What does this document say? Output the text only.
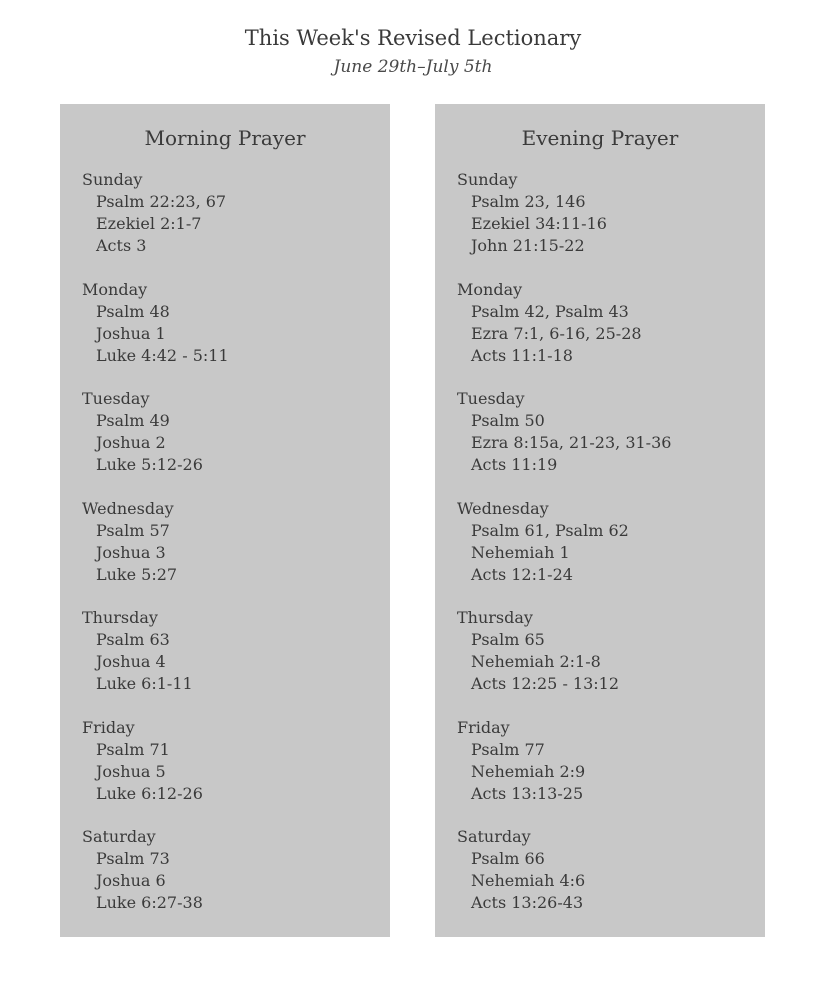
This Week's Revised Lectionary
June 29th–July 5th
Morning Prayer
Sunday
Psalm 22:23, 67
Ezekiel 2:1-7
Acts 3
Monday
Psalm 48
Joshua 1
Luke 4:42 - 5:11
Tuesday
Psalm 49
Joshua 2
Luke 5:12-26
Wednesday
Psalm 57
Joshua 3
Luke 5:27
Thursday
Psalm 63
Joshua 4
Luke 6:1-11
Friday
Psalm 71
Joshua 5
Luke 6:12-26
Saturday
Psalm 73
Joshua 6
Luke 6:27-38
Evening Prayer
Sunday
Psalm 23, 146
Ezekiel 34:11-16
John 21:15-22
Monday
Psalm 42, Psalm 43
Ezra 7:1, 6-16, 25-28
Acts 11:1-18
Tuesday
Psalm 50
Ezra 8:15a, 21-23, 31-36
Acts 11:19
Wednesday
Psalm 61, Psalm 62
Nehemiah 1
Acts 12:1-24
Thursday
Psalm 65
Nehemiah 2:1-8
Acts 12:25 - 13:12
Friday
Psalm 77
Nehemiah 2:9
Acts 13:13-25
Saturday
Psalm 66
Nehemiah 4:6
Acts 13:26-43
